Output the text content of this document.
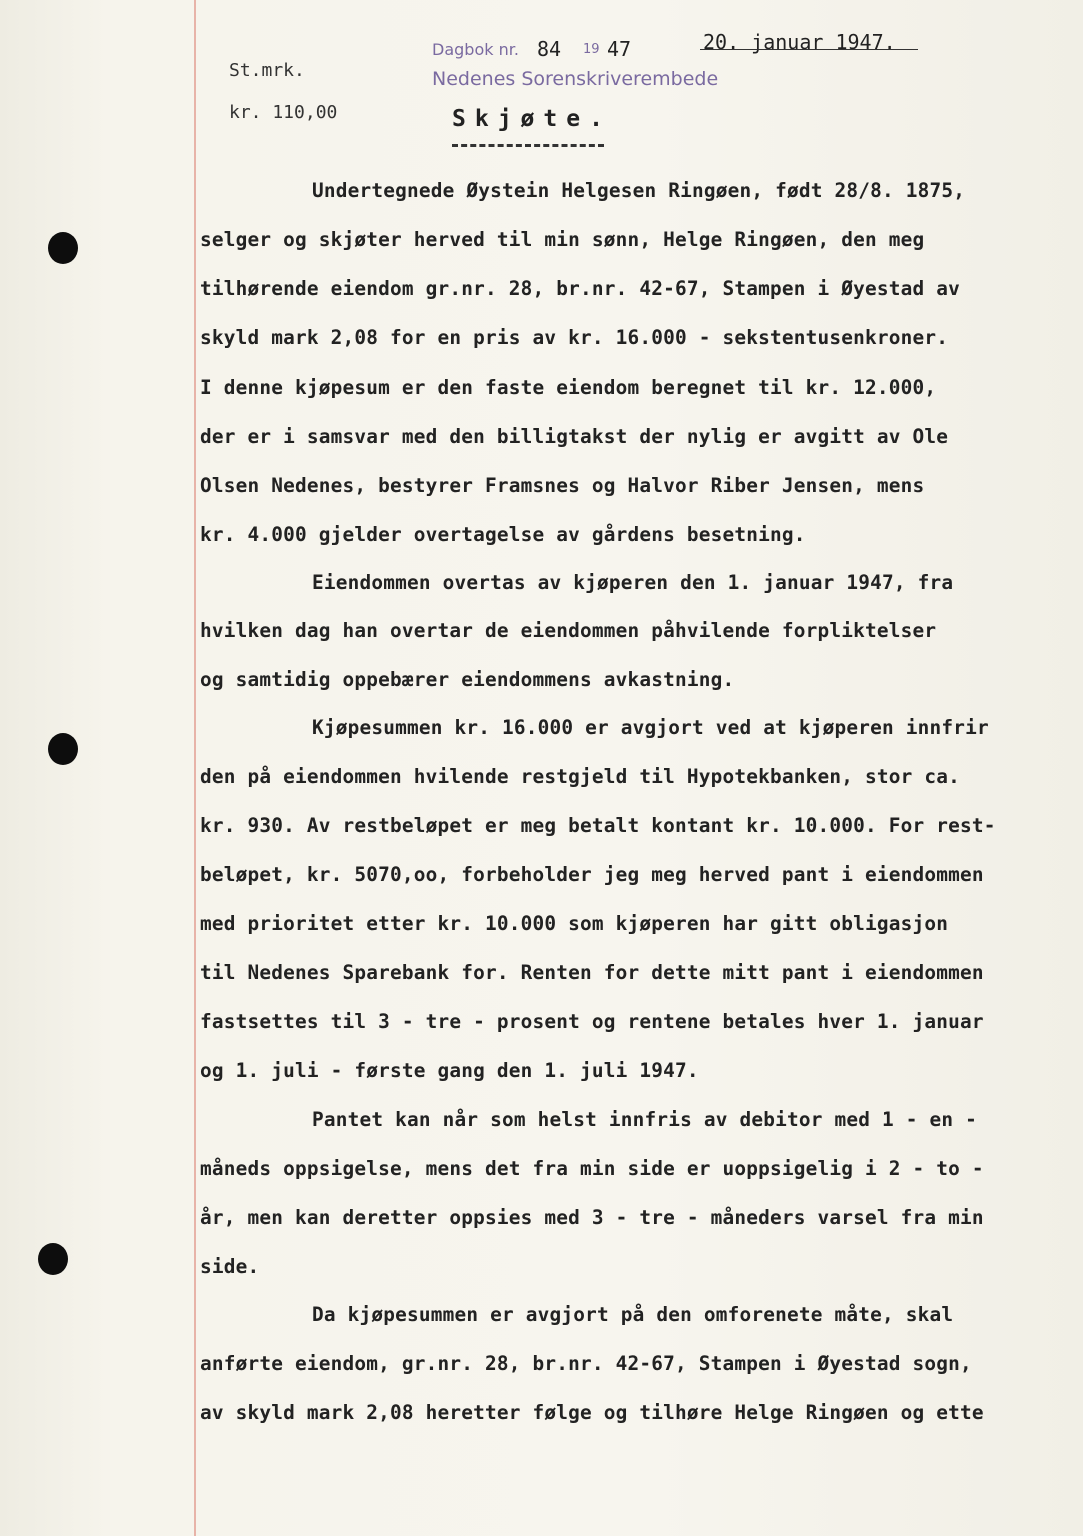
St.mrk.
kr. 110,00
Dagbok nr. 84 19 47
Nedenes Sorenskriverembede
20. januar 1947.
Skjøte.
Undertegnede Øystein Helgesen Ringøen, født 28/8. 1875,
selger og skjøter herved til min sønn, Helge Ringøen, den meg
tilhørende eiendom gr.nr. 28, br.nr. 42-67, Stampen i Øyestad av
skyld mark 2,08 for en pris av kr. 16.000 - sekstentusenkroner.
I denne kjøpesum er den faste eiendom beregnet til kr. 12.000,
der er i samsvar med den billigtakst der nylig er avgitt av Ole
Olsen Nedenes, bestyrer Framsnes og Halvor Riber Jensen, mens
kr. 4.000 gjelder overtagelse av gårdens besetning.
Eiendommen overtas av kjøperen den 1. januar 1947, fra
hvilken dag han overtar de eiendommen påhvilende forpliktelser
og samtidig oppebærer eiendommens avkastning.
Kjøpesummen kr. 16.000 er avgjort ved at kjøperen innfrir
den på eiendommen hvilende restgjeld til Hypotekbanken, stor ca.
kr. 930. Av restbeløpet er meg betalt kontant kr. 10.000. For rest-
beløpet, kr. 5070,oo, forbeholder jeg meg herved pant i eiendommen
med prioritet etter kr. 10.000 som kjøperen har gitt obligasjon
til Nedenes Sparebank for. Renten for dette mitt pant i eiendommen
fastsettes til 3 - tre - prosent og rentene betales hver 1. januar
og 1. juli - første gang den 1. juli 1947.
Pantet kan når som helst innfris av debitor med 1 - en -
måneds oppsigelse, mens det fra min side er uoppsigelig i 2 - to -
år, men kan deretter oppsies med 3 - tre - måneders varsel fra min
side.
Da kjøpesummen er avgjort på den omforenete måte, skal
anførte eiendom, gr.nr. 28, br.nr. 42-67, Stampen i Øyestad sogn,
av skyld mark 2,08 heretter følge og tilhøre Helge Ringøen og ette
